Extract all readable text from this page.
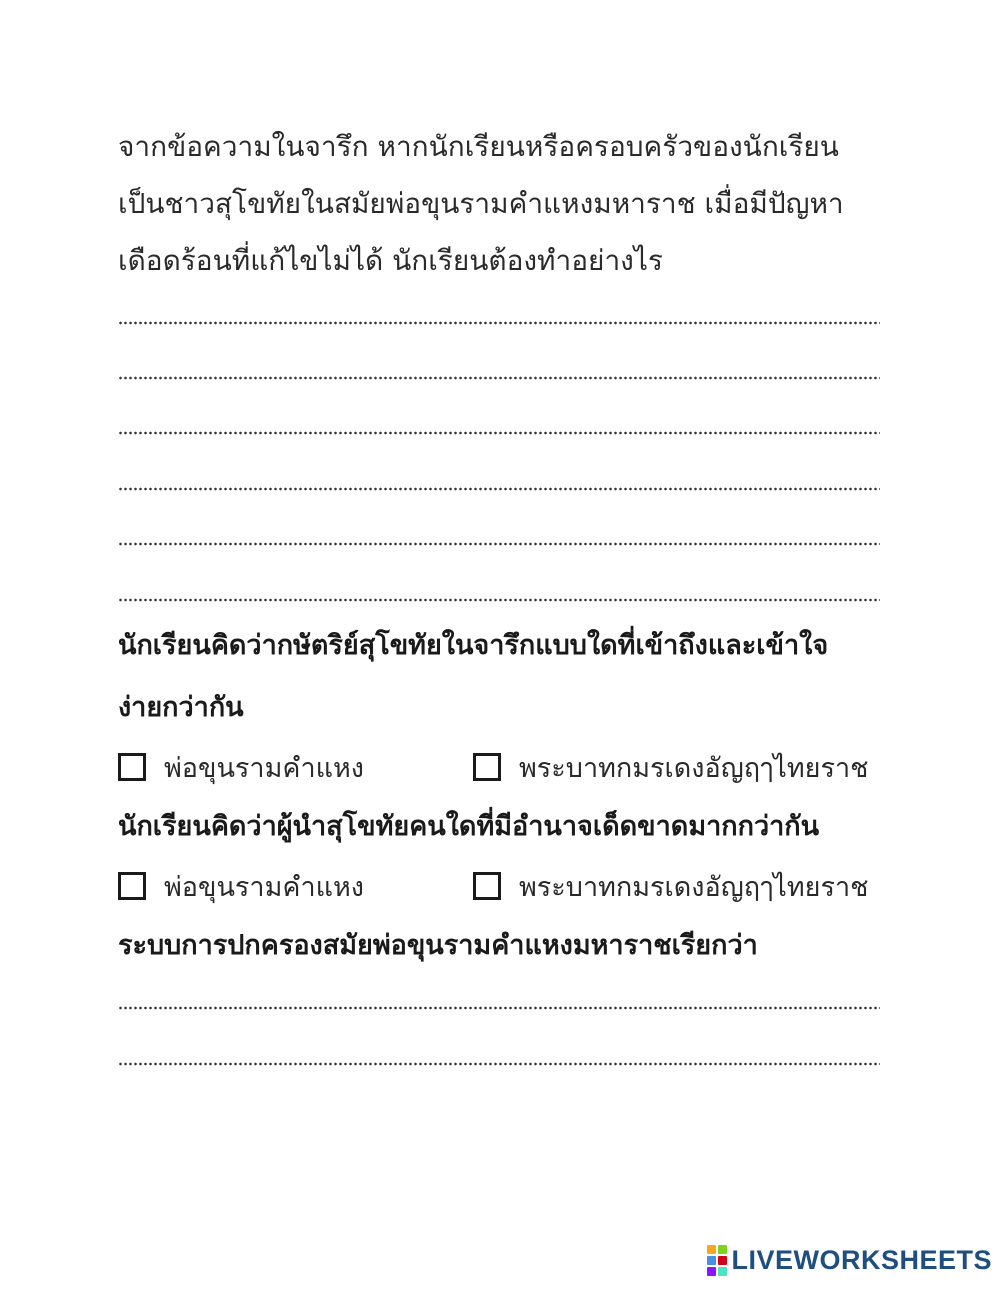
จากข้อความในจารึก หากนักเรียนหรือครอบครัวของนักเรียน
เป็นชาวสุโขทัยในสมัยพ่อขุนรามคำแหงมหาราช เมื่อมีปัญหา
เดือดร้อนที่แก้ไขไม่ได้ นักเรียนต้องทำอย่างไร
นักเรียนคิดว่ากษัตริย์สุโขทัยในจารึกแบบใดที่เข้าถึงและเข้าใจ
ง่ายกว่ากัน
พ่อขุนรามคำแหง	พระบาทกมรเดงอัญฤๅไทยราช
นักเรียนคิดว่าผู้นำสุโขทัยคนใดที่มีอำนาจเด็ดขาดมากกว่ากัน
พ่อขุนรามคำแหง	พระบาทกมรเดงอัญฤๅไทยราช
ระบบการปกครองสมัยพ่อขุนรามคำแหงมหาราชเรียกว่า
LIVEWORKSHEETS
